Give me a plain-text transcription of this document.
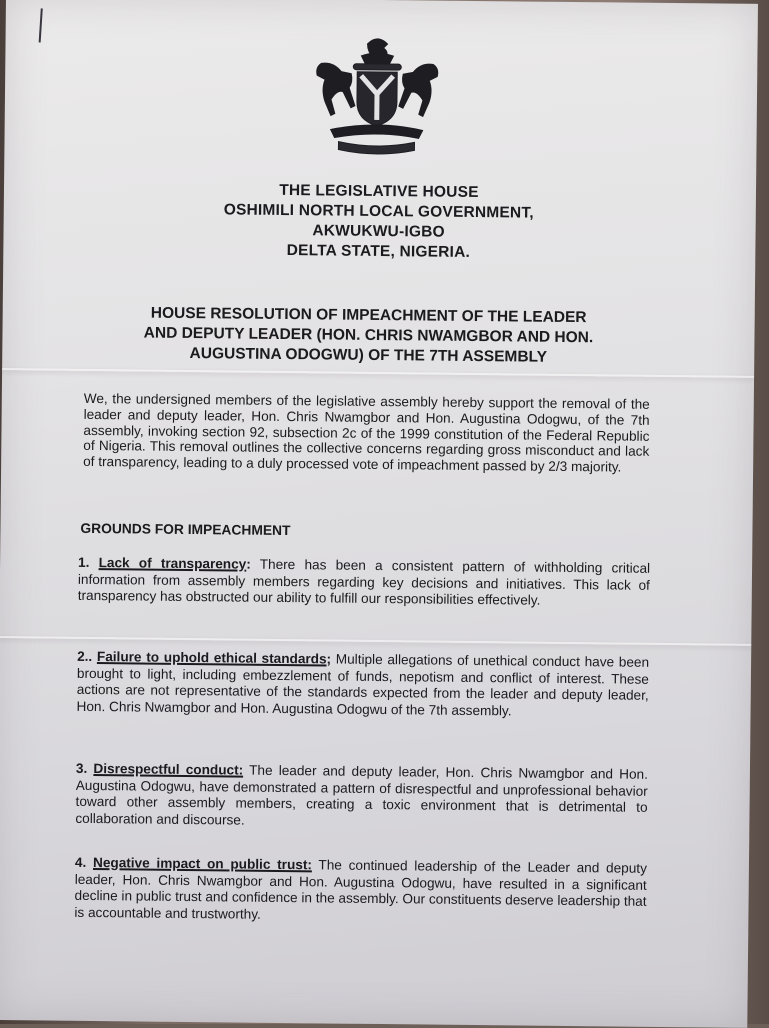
THE LEGISLATIVE HOUSE
OSHIMILI NORTH LOCAL GOVERNMENT,
AKWUKWU-IGBO
DELTA STATE, NIGERIA.
HOUSE RESOLUTION OF IMPEACHMENT OF THE LEADER
AND DEPUTY LEADER (HON. CHRIS NWAMGBOR AND HON.
AUGUSTINA ODOGWU) OF THE 7TH ASSEMBLY

We, the undersigned members of the legislative assembly hereby support the removal of the leader and deputy leader, Hon. Chris Nwamgbor and Hon. Augustina Odogwu, of the 7th assembly, invoking section 92, subsection 2c of the 1999 constitution of the Federal Republic of Nigeria. This removal outlines the collective concerns regarding gross misconduct and lack of transparency, leading to a duly processed vote of impeachment passed by 2/3 majority.

GROUNDS FOR IMPEACHMENT

1. Lack of transparency: There has been a consistent pattern of withholding critical information from assembly members regarding key decisions and initiatives. This lack of transparency has obstructed our ability to fulfill our responsibilities effectively.

2.. Failure to uphold ethical standards; Multiple allegations of unethical conduct have been brought to light, including embezzlement of funds, nepotism and conflict of interest. These actions are not representative of the standards expected from the leader and deputy leader, Hon. Chris Nwamgbor and Hon. Augustina Odogwu of the 7th assembly.

3. Disrespectful conduct: The leader and deputy leader, Hon. Chris Nwamgbor and Hon. Augustina Odogwu, have demonstrated a pattern of disrespectful and unprofessional behavior toward other assembly members, creating a toxic environment that is detrimental to collaboration and discourse.

4. Negative impact on public trust: The continued leadership of the Leader and deputy leader, Hon. Chris Nwamgbor and Hon. Augustina Odogwu, have resulted in a significant decline in public trust and confidence in the assembly. Our constituents deserve leadership that is accountable and trustworthy.
